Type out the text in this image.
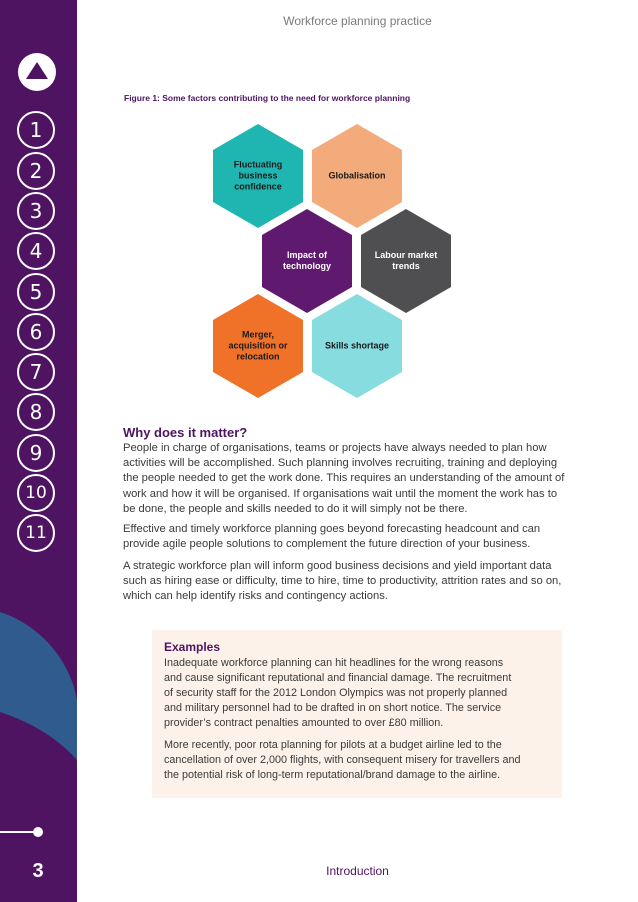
1
2
3
4
5
6
7
8
9
10
11
3
Workforce planning practice
Figure 1: Some factors contributing to the need for workforce planning
Fluctuating
business
confidence
Globalisation
Impact of
technology
Labour market
trends
Merger,
acquisition or
relocation
Skills shortage
Why does it matter?

People in charge of organisations, teams or projects have always needed to plan how

activities will be accomplished. Such planning involves recruiting, training and deploying

the people needed to get the work done. This requires an understanding of the amount of

work and how it will be organised. If organisations wait until the moment the work has to

be done, the people and skills needed to do it will simply not be there.

Effective and timely workforce planning goes beyond forecasting headcount and can

provide agile people solutions to complement the future direction of your business.

A strategic workforce plan will inform good business decisions and yield important data

such as hiring ease or difficulty, time to hire, time to productivity, attrition rates and so on,

which can help identify risks and contingency actions.

Examples

Inadequate workforce planning can hit headlines for the wrong reasons

and cause significant reputational and financial damage. The recruitment

of security staff for the 2012 London Olympics was not properly planned

and military personnel had to be drafted in on short notice. The service

provider’s contract penalties amounted to over £80 million.

More recently, poor rota planning for pilots at a budget airline led to the

cancellation of over 2,000 flights, with consequent misery for travellers and

the potential risk of long-term reputational/brand damage to the airline.

Introduction
